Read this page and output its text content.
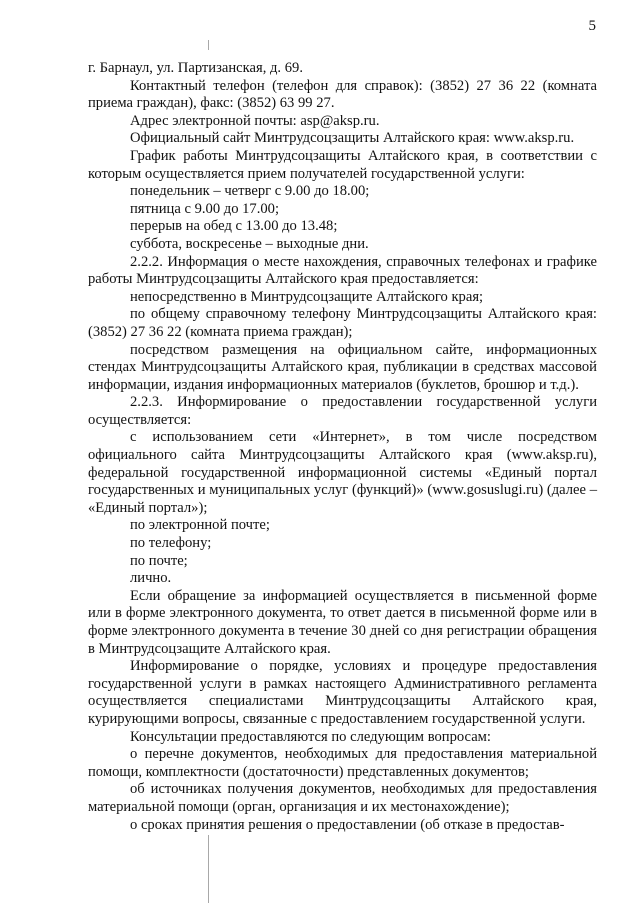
5

г. Барнаул, ул. Партизанская, д. 69.

Контактный телефон (телефон для справок): (3852) 27 36 22 (комната приема граждан), факс: (3852) 63 99 27.

Адрес электронной почты: asp@aksp.ru.

Официальный сайт Минтрудсоцзащиты Алтайского края: www.aksp.ru.

График работы Минтрудсоцзащиты Алтайского края, в соответствии с которым осуществляется прием получателей государственной услуги:

понедельник – четверг с 9.00 до 18.00;

пятница с 9.00 до 17.00;

перерыв на обед с 13.00 до 13.48;

суббота, воскресенье – выходные дни.

2.2.2. Информация о месте нахождения, справочных телефонах и графике работы Минтрудсоцзащиты Алтайского края предоставляется:

непосредственно в Минтрудсоцзащите Алтайского края;

по общему справочному телефону Минтрудсоцзащиты Алтайского края: (3852) 27 36 22 (комната приема граждан);

посредством размещения на официальном сайте, информационных стендах Минтрудсоцзащиты Алтайского края, публикации в средствах массовой информации, издания информационных материалов (буклетов, брошюр и т.д.).

2.2.3. Информирование о предоставлении государственной услуги осуществляется:

с использованием сети «Интернет», в том числе посредством официального сайта Минтрудсоцзащиты Алтайского края (www.aksp.ru), федеральной государственной информационной системы «Единый портал государственных и муниципальных услуг (функций)» (www.gosuslugi.ru) (далее – «Единый портал»);

по электронной почте;

по телефону;

по почте;

лично.

Если обращение за информацией осуществляется в письменной форме или в форме электронного документа, то ответ дается в письменной форме или в форме электронного документа в течение 30 дней со дня регистрации обращения в Минтрудсоцзащите Алтайского края.

Информирование о порядке, условиях и процедуре предоставления государственной услуги в рамках настоящего Административного регламента осуществляется специалистами Минтрудсоцзащиты Алтайского края, курирующими вопросы, связанные с предоставлением государственной услуги.

Консультации предоставляются по следующим вопросам:

о перечне документов, необходимых для предоставления материальной помощи, комплектности (достаточности) представленных документов;

об источниках получения документов, необходимых для предоставления материальной помощи (орган, организация и их местонахождение);

о сроках принятия решения о предоставлении (об отказе в предостав-
